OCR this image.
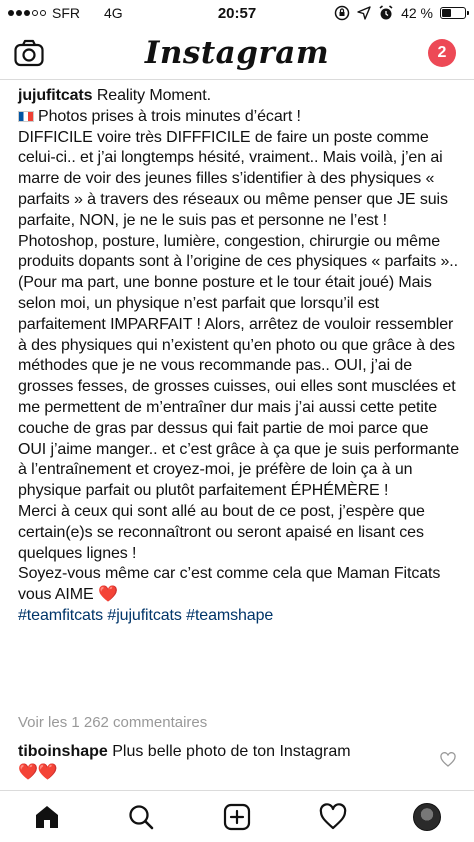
SFR 4G	20:57	42 %
Instagram	2

jujufitcats Reality Moment.

Photos prises à trois minutes d’écart !

DIFFICILE voire très DIFFFICILE de faire un poste comme celui-ci.. et j’ai longtemps hésité, vraiment.. Mais voilà, j’en ai marre de voir des jeunes filles s’identifier à des physiques « parfaits » à travers des réseaux ou même penser que JE suis parfaite, NON, je ne le suis pas et personne ne l’est ! Photoshop, posture, lumière, congestion, chirurgie ou même produits dopants sont à l’origine de ces physiques « parfaits ».. (Pour ma part, une bonne posture et le tour était joué) Mais selon moi, un physique n’est parfait que lorsqu’il est parfaitement IMPARFAIT ! Alors, arrêtez de vouloir ressembler à des physiques qui n’existent qu’en photo ou que grâce à des méthodes que je ne vous recommande pas.. OUI, j’ai de grosses fesses, de grosses cuisses, oui elles sont musclées et me permettent de m’entraîner dur mais j’ai aussi cette petite couche de gras par dessus qui fait partie de moi parce que OUI j’aime manger.. et c’est grâce à ça que je suis performante à l’entraînement et croyez-moi, je préfère de loin ça à un physique parfait ou plutôt parfaitement ÉPHÉMÈRE !

Merci à ceux qui sont allé au bout de ce post, j’espère que certain(e)s se reconnaîtront ou seront apaisé en lisant ces quelques lignes !

Soyez-vous même car c’est comme cela que Maman Fitcats vous AIME ❤️

#teamfitcats #jujufitcats #teamshape

Voir les 1 262 commentaires
tiboinshape Plus belle photo de ton Instagram
❤️❤️
